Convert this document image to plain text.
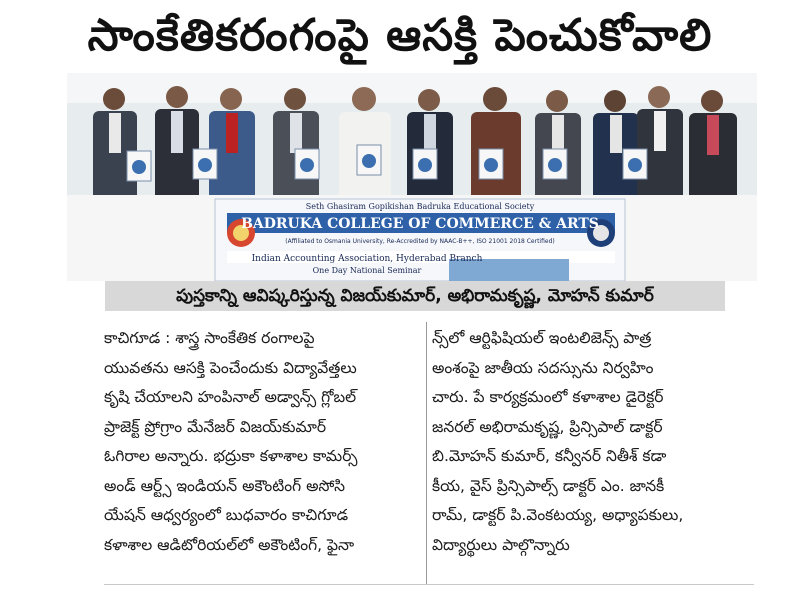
సాంకేతికరంగంపై ఆసక్తి పెంచుకోవాలి
Seth Ghasiram Gopikishan Badruka Educational Society
BADRUKA COLLEGE OF COMMERCE & ARTS
(Affiliated to Osmania University, Re-Accredited by NAAC-B++, ISO 21001 2018 Certified)
Indian Accounting Association, Hyderabad Branch
One Day National Seminar
పుస్తకాన్ని ఆవిష్కరిస్తున్న విజయ్‌కుమార్, అభిరామకృష్ణ, మోహన్ కుమార్

కాచిగూడ : శాస్త్ర సాంకేతిక రంగాలపై

యువతను ఆసక్తి పెంచేందుకు విద్యావేత్తలు

కృషి చేయాలని హంపినాల్ అడ్వాన్స్ గ్లోబల్

ప్రాజెక్ట్ ప్రోగ్రాం మేనేజర్ విజయ్‌కుమార్

ఓగిరాల అన్నారు. భద్రుకా కళాశాల కామర్స్

అండ్ ఆర్ట్స్ ఇండియన్ అకౌంటింగ్ అసోసి

యేషన్ ఆధ్వర్యంలో బుధవారం కాచిగూడ

కళాశాల ఆడిటోరియల్‌లో అకౌంటింగ్, ఫైనా

న్స్‌లో ఆర్టిఫిషియల్ ఇంటలిజెన్స్ పాత్ర

అంశంపై జాతీయ సదస్సును నిర్వహిం

చారు. పే కార్యక్రమంలో కళాశాల డైరెక్టర్

జనరల్ అభిరామకృష్ణ, ప్రిన్సిపాల్ డాక్టర్

బి.మోహన్ కుమార్, కన్వీనర్ నితీశ్ కడా

కీయ, వైస్ ప్రిన్సిపాల్స్ డాక్టర్ ఎం. జానకీ

రామ్, డాక్టర్ పి.వెంకటయ్య, అధ్యాపకులు,

విద్యార్థులు పాల్గొన్నారు
